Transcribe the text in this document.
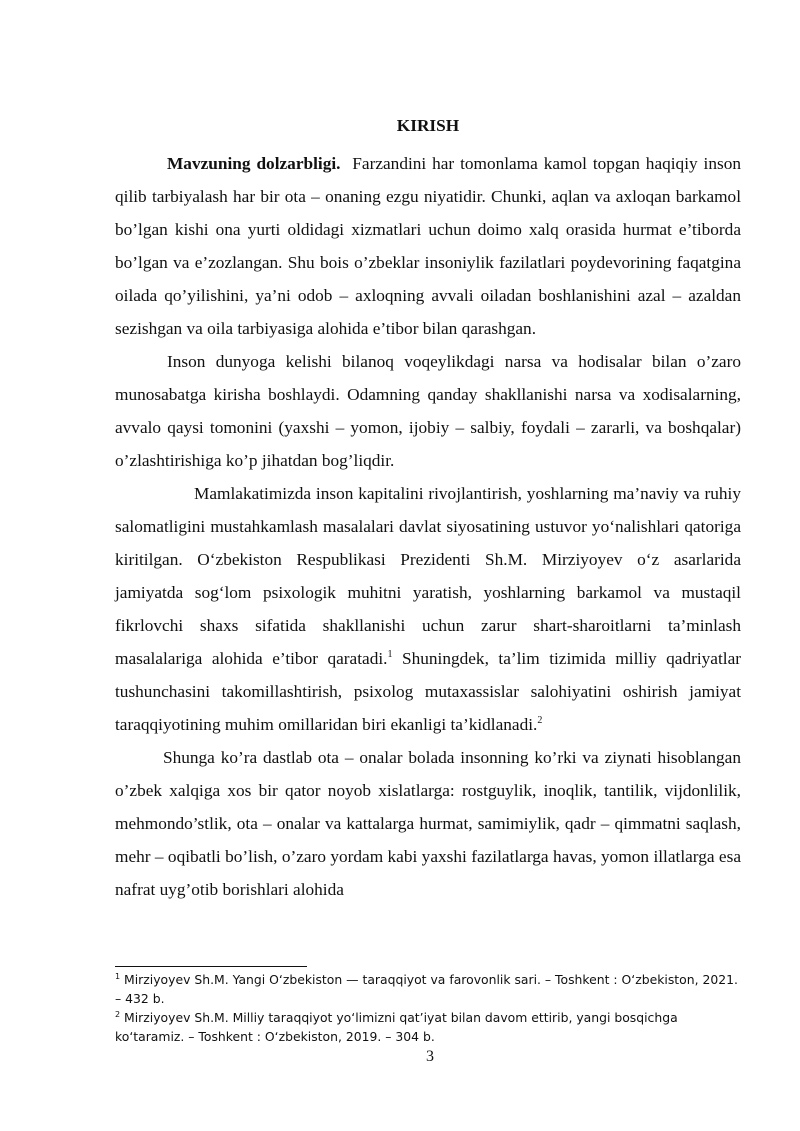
KIRISH

Mavzuning dolzarbligi. Farzandini har tomonlama kamol topgan haqiqiy inson qilib tarbiyalash har bir ota – onaning ezgu niyatidir. Chunki, aqlan va axloqan barkamol bo’lgan kishi ona yurti oldidagi xizmatlari uchun doimo xalq orasida hurmat e’tiborda bo’lgan va e’zozlangan. Shu bois o’zbeklar insoniylik fazilatlari poydevorining faqatgina oilada qo’yilishini, ya’ni odob – axloqning avvali oiladan boshlanishini azal – azaldan sezishgan va oila tarbiyasiga alohida e’tibor bilan qarashgan.

Inson dunyoga kelishi bilanoq voqeylikdagi narsa va hodisalar bilan o’zaro munosabatga kirisha boshlaydi. Odamning qanday shakllanishi narsa va xodisalarning, avvalo qaysi tomonini (yaxshi – yomon, ijobiy – salbiy, foydali – zararli, va boshqalar) o’zlashtirishiga ko’p jihatdan bog’liqdir.

Mamlakatimizda inson kapitalini rivojlantirish, yoshlarning ma’naviy va ruhiy salomatligini mustahkamlash masalalari davlat siyosatining ustuvor yo‘nalishlari qatoriga kiritilgan. O‘zbekiston Respublikasi Prezidenti Sh.M. Mirziyoyev o‘z asarlarida jamiyatda sog‘lom psixologik muhitni yaratish, yoshlarning barkamol va mustaqil fikrlovchi shaxs sifatida shakllanishi uchun zarur shart-sharoitlarni ta’minlash masalalariga alohida e’tibor qaratadi.$^1$ Shuningdek, ta’lim tizimida milliy qadriyatlar tushunchasini takomillashtirish, psixolog mutaxassislar salohiyatini oshirish jamiyat taraqqiyotining muhim omillaridan biri ekanligi ta’kidlanadi.$^2$

Shunga ko’ra dastlab ota – onalar bolada insonning ko’rki va ziynati hisoblangan o’zbek xalqiga xos bir qator noyob xislatlarga: rostguylik, inoqlik, tantilik, vijdonlilik, mehmondo’stlik, ota – onalar va kattalarga hurmat, samimiylik, qadr – qimmatni saqlash, mehr – oqibatli bo’lish, o’zaro yordam kabi yaxshi fazilatlarga havas, yomon illatlarga esa nafrat uyg’otib borishlari alohida

$^1$ Mirziyoyev Sh.M. Yangi O‘zbekiston — taraqqiyot va farovonlik sari. – Toshkent : O‘zbekiston, 2021. – 432 b.

$^2$ Mirziyoyev Sh.M. Milliy taraqqiyot yo‘limizni qat’iyat bilan davom ettirib, yangi bosqichga ko‘taramiz. – Toshkent : O‘zbekiston, 2019. – 304 b.

3
